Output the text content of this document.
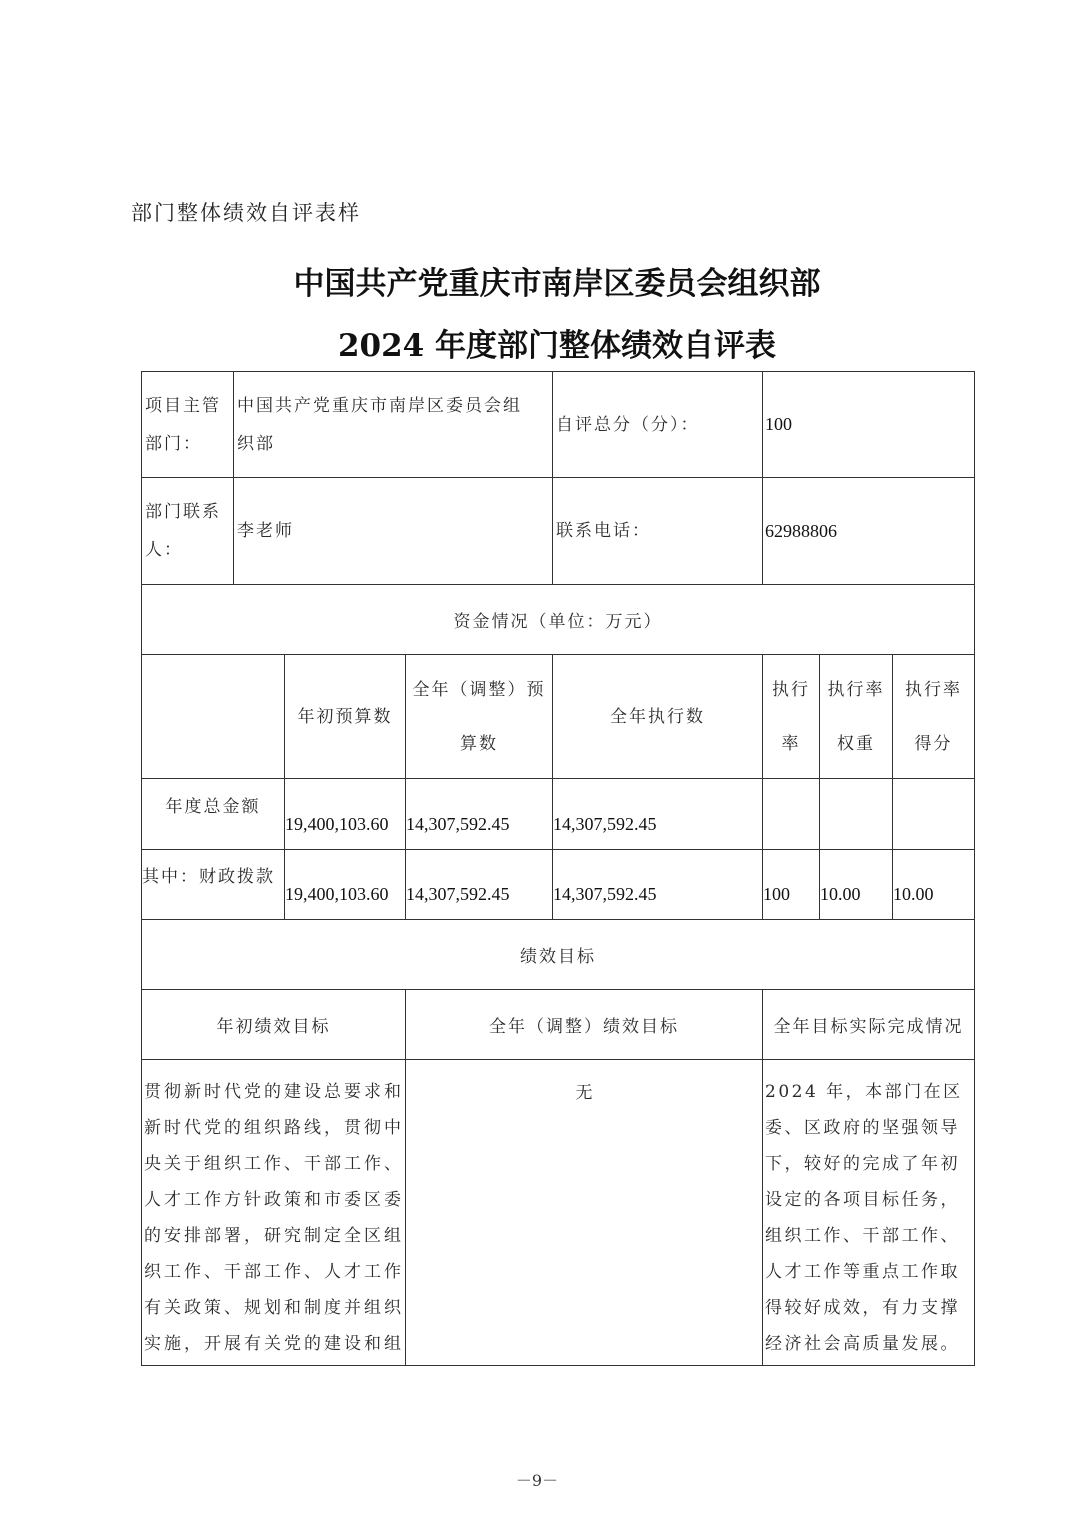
部门整体绩效自评表样
中国共产党重庆市南岸区委员会组织部
2024 年度部门整体绩效自评表
项目主管部门：	中国共产党重庆市南岸区委员会组织部			自评总分（分）：	100		
部门联系人：	李老师			联系电话：	62988806		
资金情况（单位：万元）							
		年初预算数	全年（调整）预算数	全年执行数	执行率	执行率权重	执行率得分
年度总金额		19,400,103.60	14,307,592.45	14,307,592.45			
其中：财政拨款		19,400,103.60	14,307,592.45	14,307,592.45	100	10.00	10.00
绩效目标							
年初绩效目标			全年（调整）绩效目标		全年目标实际完成情况		
贯彻新时代党的建设总要求和新时代党的组织路线，贯彻中央关于组织工作、干部工作、人才工作方针政策和市委区委的安排部署，研究制定全区组织工作、干部工作、人才工作有关政策、规划和制度并组织实施，开展有关党的建设和组			无		2024 年，本部门在区委、区政府的坚强领导下，较好的完成了年初设定的各项目标任务，组织工作、干部工作、人才工作等重点工作取得较好成效，有力支撑经济社会高质量发展。		
－9－
